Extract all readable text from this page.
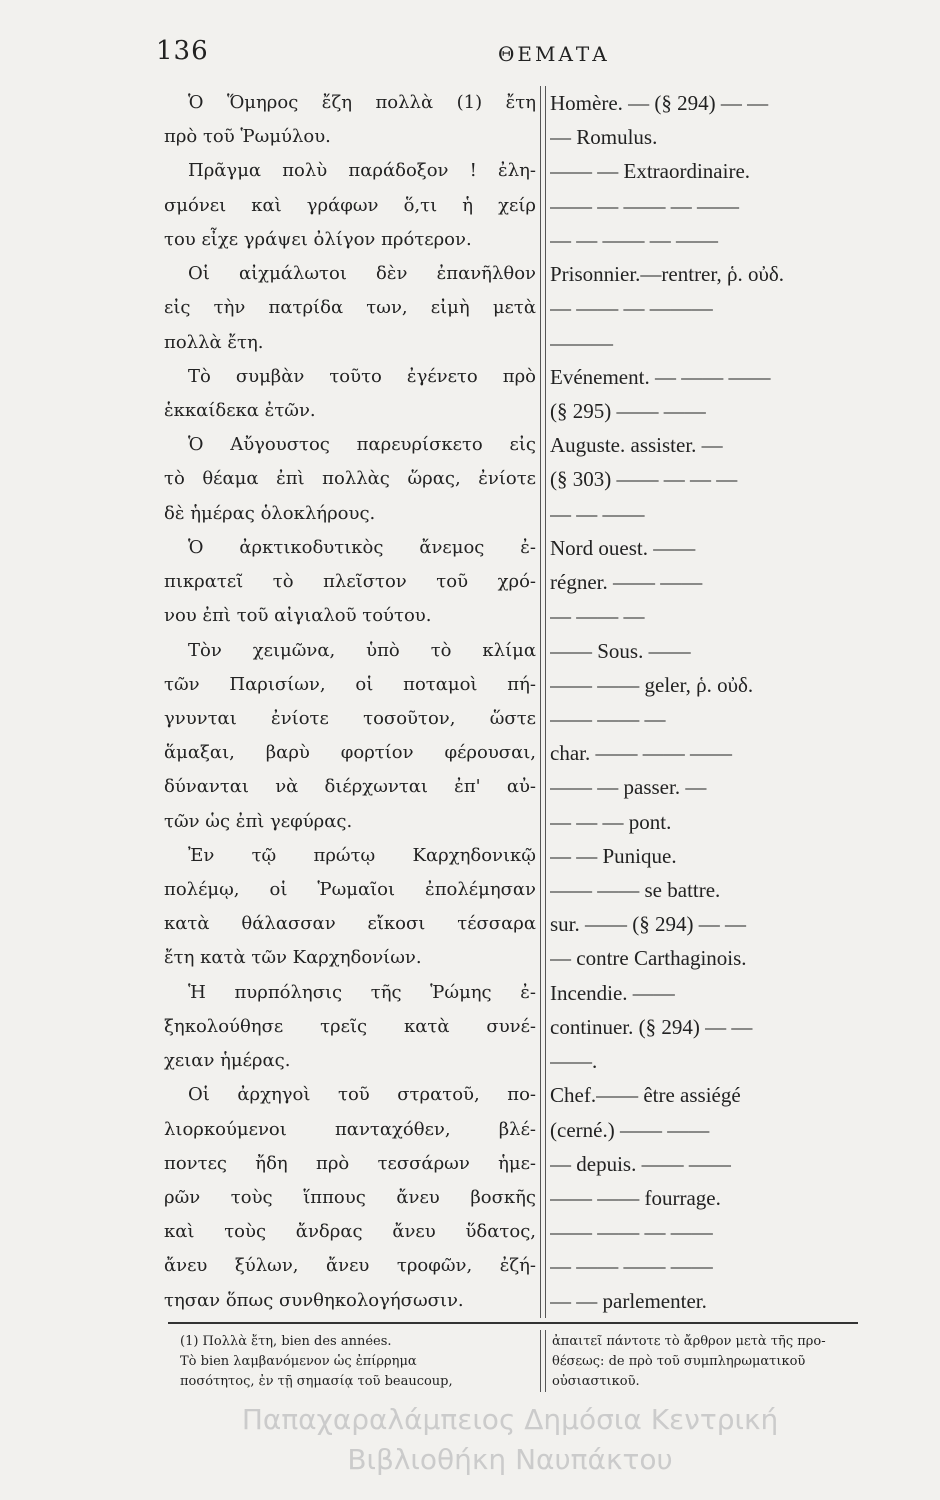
136	ΘΕΜΑΤΑ
Ὁ Ὅμηρος ἔζη πολλὰ (1) ἔτη
πρὸ τοῦ Ῥωμύλου.
Πρᾶγμα πολὺ παράδοξον ! ἐλη-
σμόνει καὶ γράφων ὅ,τι ἡ χείρ
του εἶχε γράψει ὀλίγον πρότερον.
Οἱ αἰχμάλωτοι δὲν ἐπανῆλθον
εἰς τὴν πατρίδα των, εἰμὴ μετὰ
πολλὰ ἔτη.
Τὸ συμβὰν τοῦτο ἐγένετο πρὸ
ἑκκαίδεκα ἐτῶν.
Ὁ Αὔγουστος παρευρίσκετο εἰς
τὸ θέαμα ἐπὶ πολλὰς ὥρας, ἐνίοτε
δὲ ἡμέρας ὁλοκλήρους.
Ὁ ἀρκτικοδυτικὸς ἄνεμος ἐ-
πικρατεῖ τὸ πλεῖστον τοῦ χρό-
νου ἐπὶ τοῦ αἰγιαλοῦ τούτου.
Τὸν χειμῶνα, ὑπὸ τὸ κλίμα
τῶν Παρισίων, οἱ ποταμοὶ πή-
γνυνται ἐνίοτε τοσοῦτον, ὥστε
ἅμαξαι, βαρὺ φορτίον φέρουσαι,
δύνανται νὰ διέρχωνται ἐπ' αὐ-
τῶν ὡς ἐπὶ γεφύρας.
Ἐν τῷ πρώτῳ Καρχηδονικῷ
πολέμῳ, οἱ Ῥωμαῖοι ἐπολέμησαν
κατὰ θάλασσαν εἴκοσι τέσσαρα
ἔτη κατὰ τῶν Καρχηδονίων.
Ἡ πυρπόλησις τῆς Ῥώμης ἐ-
ξηκολούθησε τρεῖς κατὰ συνέ-
χειαν ἡμέρας.
Οἱ ἀρχηγοὶ τοῦ στρατοῦ, πο-
λιορκούμενοι πανταχόθεν, βλέ-
ποντες ἤδη πρὸ τεσσάρων ἡμε-
ρῶν τοὺς ἵππους ἄνευ βοσκῆς
καὶ τοὺς ἄνδρας ἄνευ ὕδατος,
ἄνευ ξύλων, ἄνευ τροφῶν, ἐζή-
τησαν ὅπως συνθηκολογήσωσιν.
Homère. — (§ 294) — —
— Romulus.
—— — Extraordinaire.
—— — —— — ——
— — —— — ——
Prisonnier.—rentrer, ῥ. οὐδ.
— —— — ———
———
Evénement. — —— ——
(§ 295) —— ——
Auguste. assister. —
(§ 303) —— — — —
— — ——
Nord ouest. ——
régner. —— ——
— —— —
—— Sous. ——
—— —— geler, ῥ. οὐδ.
—— —— —
char. —— —— ——
—— — passer. —
— — — pont.
— — Punique.
—— —— se battre.
sur. —— (§ 294) — —
— contre Carthaginois.
Incendie. ——
continuer. (§ 294) — —
——.
Chef.—— être assiégé
(cerné.) —— ——
— depuis. —— ——
—— —— fourrage.
—— —— — ——
— —— —— ——
— — parlementer.
(1) Πολλὰ ἔτη, bien des années.
Τὸ bien λαμβανόμενον ὡς ἐπίρρημα
ποσότητος, ἐν τῇ σημασίᾳ τοῦ beaucoup,
ἀπαιτεῖ πάντοτε τὸ ἄρθρον μετὰ τῆς προ-
θέσεως: de πρὸ τοῦ συμπληρωματικοῦ
οὐσιαστικοῦ.
Παπαχαραλάμπειος Δημόσια Κεντρική
Βιβλιοθήκη Ναυπάκτου
